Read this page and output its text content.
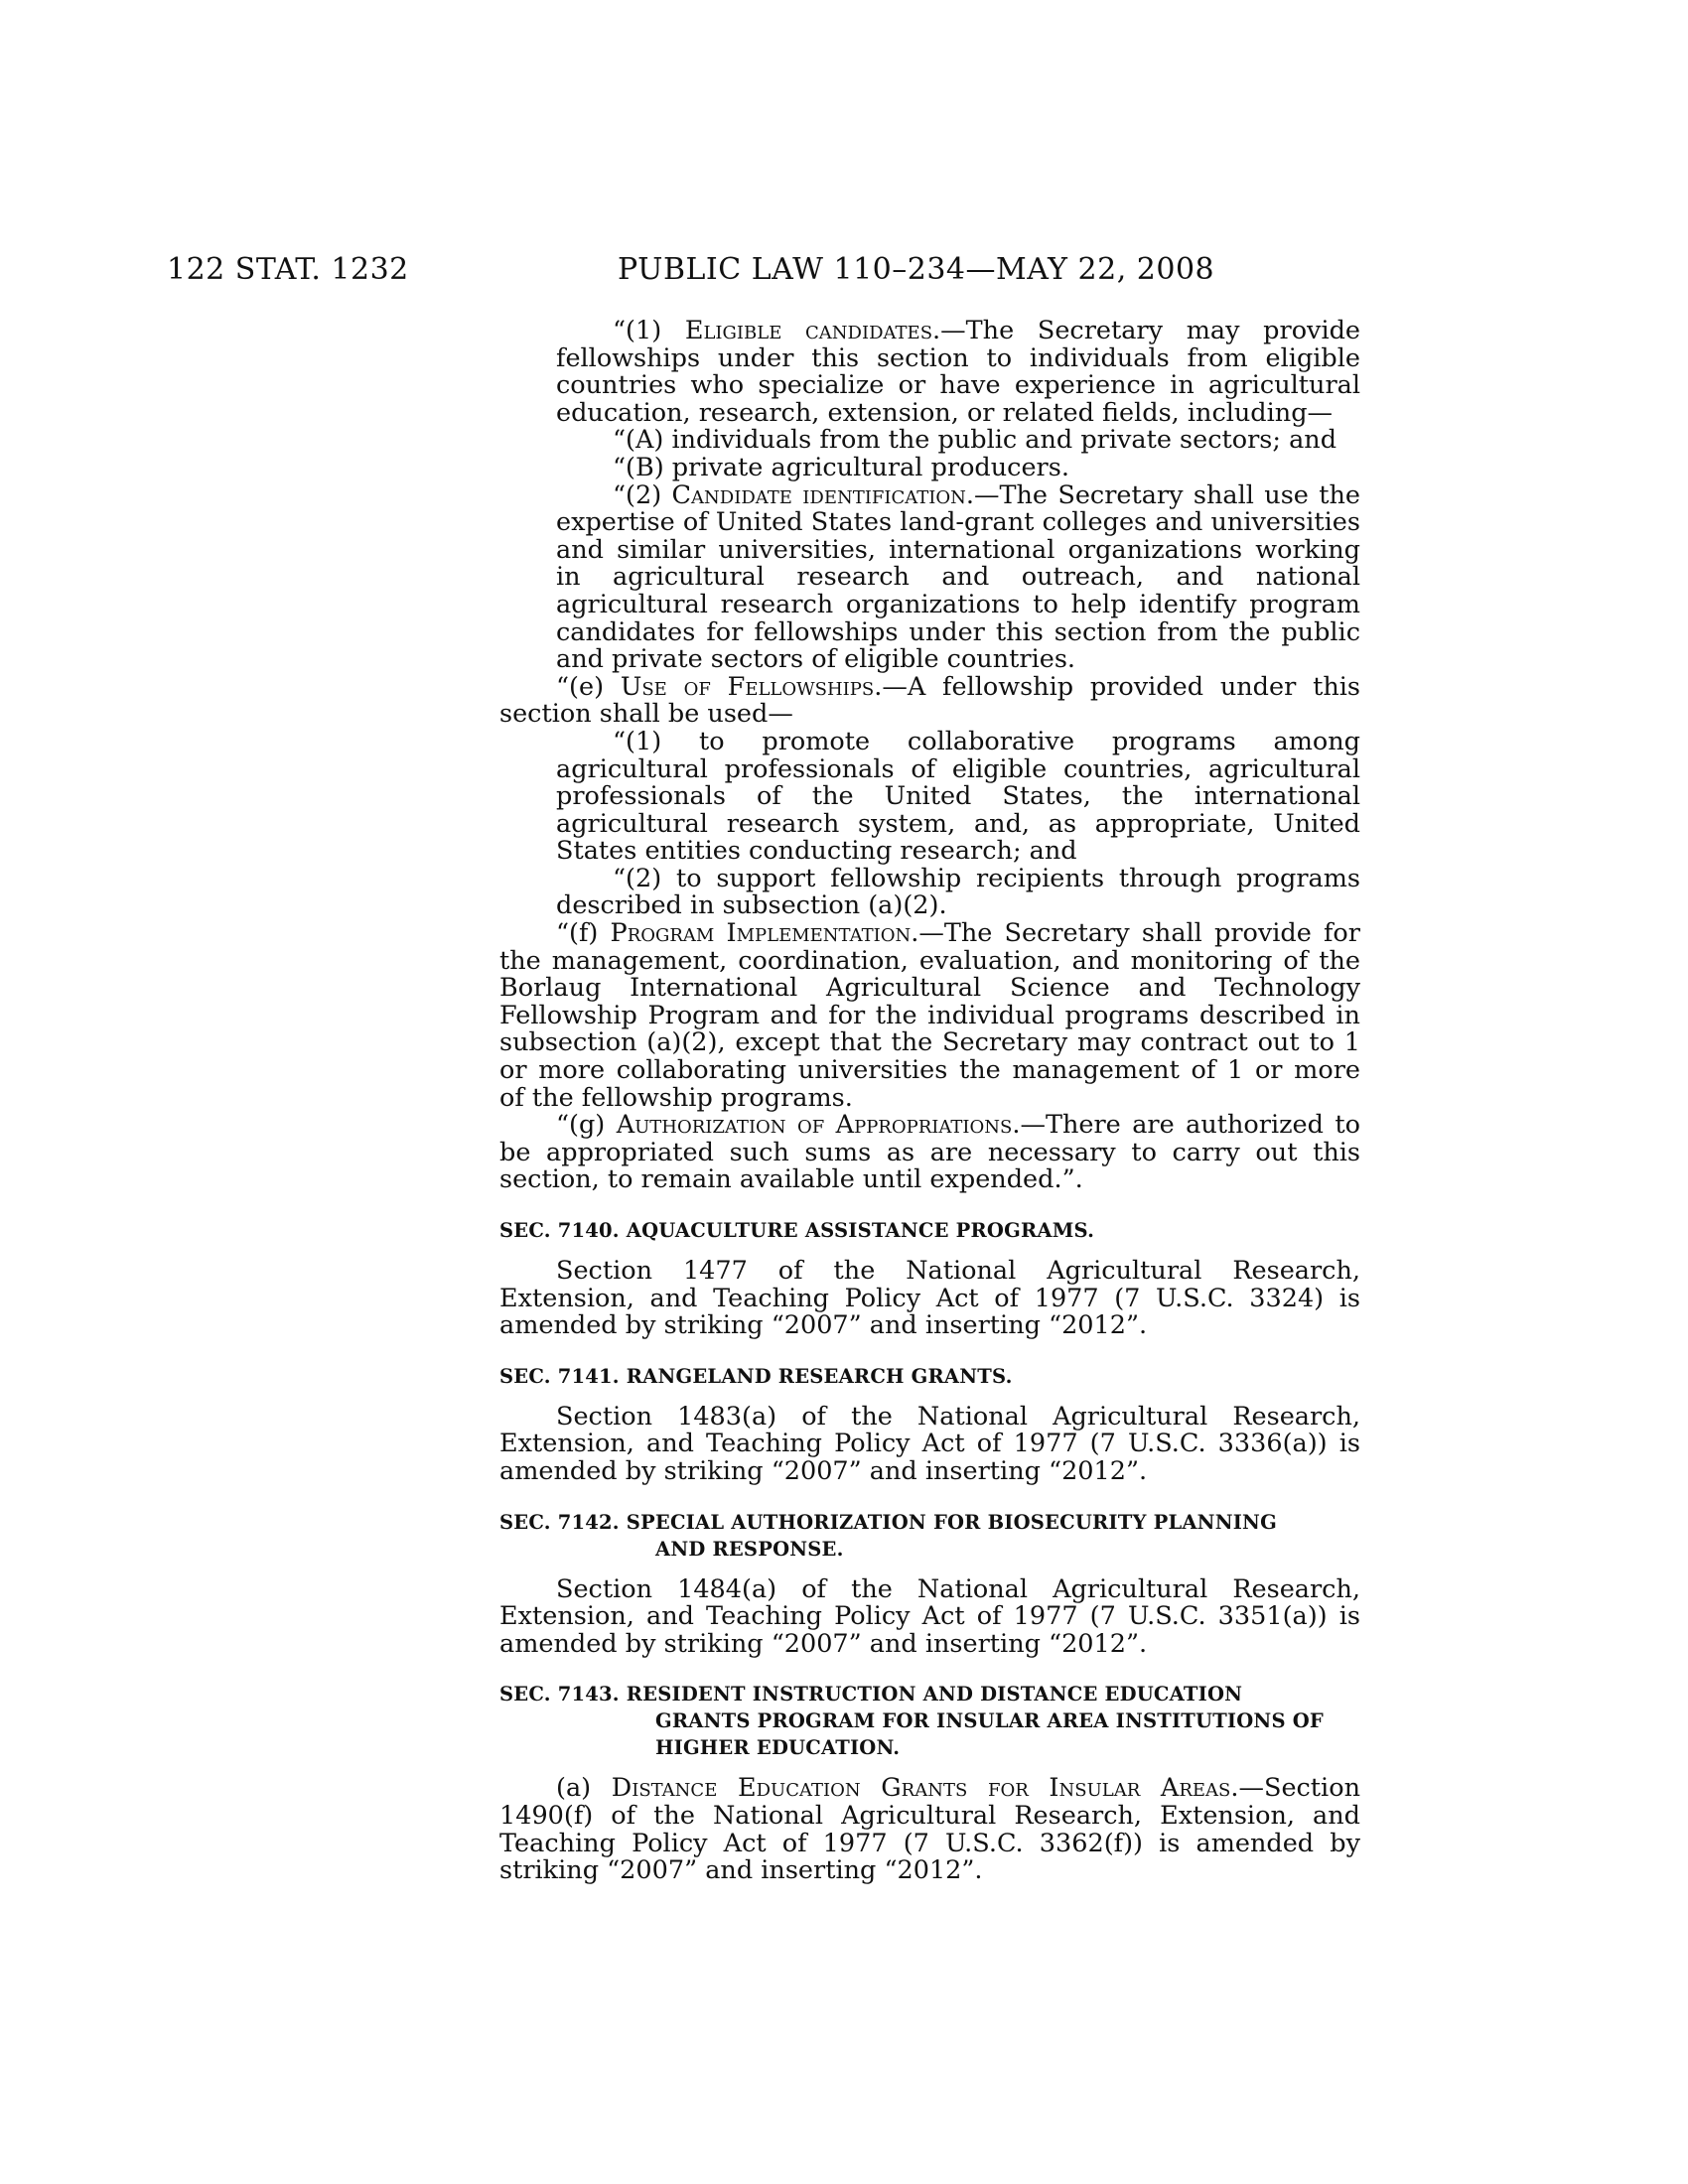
122 STAT. 1232	PUBLIC LAW 110–234—MAY 22, 2008

“(1) Eligible candidates.—The Secretary may provide fellowships under this section to individuals from eligible countries who specialize or have experience in agricultural education, research, extension, or related fields, including—

“(A) individuals from the public and private sectors; and

“(B) private agricultural producers.

“(2) Candidate identification.—The Secretary shall use the expertise of United States land-grant colleges and universities and similar universities, international organizations working in agricultural research and outreach, and national agricultural research organizations to help identify program candidates for fellowships under this section from the public and private sectors of eligible countries.

“(e) Use of Fellowships.—A fellowship provided under this section shall be used—

“(1) to promote collaborative programs among agricultural professionals of eligible countries, agricultural professionals of the United States, the international agricultural research system, and, as appropriate, United States entities conducting research; and

“(2) to support fellowship recipients through programs described in subsection (a)(2).

“(f) Program Implementation.—The Secretary shall provide for the management, coordination, evaluation, and monitoring of the Borlaug International Agricultural Science and Technology Fellowship Program and for the individual programs described in subsection (a)(2), except that the Secretary may contract out to 1 or more collaborating universities the management of 1 or more of the fellowship programs.

“(g) Authorization of Appropriations.—There are authorized to be appropriated such sums as are necessary to carry out this section, to remain available until expended.”.

SEC. 7140. AQUACULTURE ASSISTANCE PROGRAMS.

Section 1477 of the National Agricultural Research, Extension, and Teaching Policy Act of 1977 (7 U.S.C. 3324) is amended by striking “2007” and inserting “2012”.

SEC. 7141. RANGELAND RESEARCH GRANTS.

Section 1483(a) of the National Agricultural Research, Extension, and Teaching Policy Act of 1977 (7 U.S.C. 3336(a)) is amended by striking “2007” and inserting “2012”.

SEC. 7142. SPECIAL AUTHORIZATION FOR BIOSECURITY PLANNING
AND RESPONSE.

Section 1484(a) of the National Agricultural Research, Extension, and Teaching Policy Act of 1977 (7 U.S.C. 3351(a)) is amended by striking “2007” and inserting “2012”.

SEC. 7143. RESIDENT INSTRUCTION AND DISTANCE EDUCATION
GRANTS PROGRAM FOR INSULAR AREA INSTITUTIONS OF
HIGHER EDUCATION.

(a) Distance Education Grants for Insular Areas.—Section 1490(f) of the National Agricultural Research, Extension, and Teaching Policy Act of 1977 (7 U.S.C. 3362(f)) is amended by striking “2007” and inserting “2012”.
